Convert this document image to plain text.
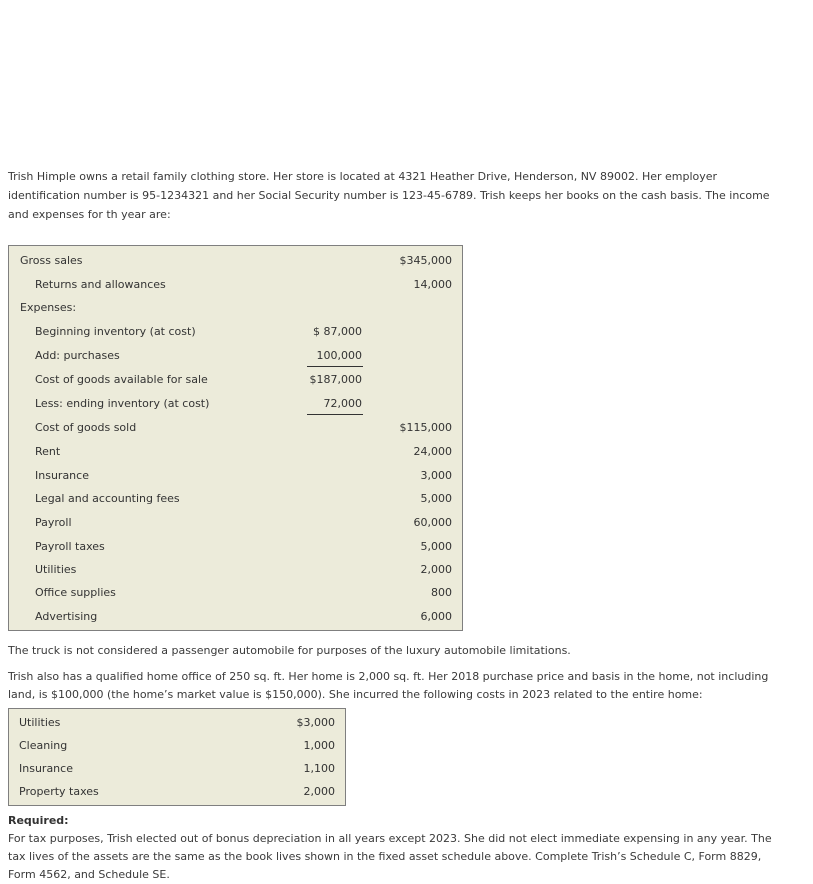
Trish Himple owns a retail family clothing store. Her store is located at 4321 Heather Drive, Henderson, NV 89002. Her employer identification number is 95-1234321 and her Social Security number is 123-45-6789. Trish keeps her books on the cash basis. The income and expenses for th year are:

Gross sales	$345,000
Returns and allowances	14,000
Expenses:
Beginning inventory (at cost)	$ 87,000
Add: purchases	100,000
Cost of goods available for sale	$187,000
Less: ending inventory (at cost)	72,000
Cost of goods sold	$115,000
Rent	24,000
Insurance	3,000
Legal and accounting fees	5,000
Payroll	60,000
Payroll taxes	5,000
Utilities	2,000
Office supplies	800
Advertising	6,000

The truck is not considered a passenger automobile for purposes of the luxury automobile limitations.

Trish also has a qualified home office of 250 sq. ft. Her home is 2,000 sq. ft. Her 2018 purchase price and basis in the home, not including land, is $100,000 (the home’s market value is $150,000). She incurred the following costs in 2023 related to the entire home:

Utilities	$3,000
Cleaning	1,000
Insurance	1,100
Property taxes	2,000
Required:
For tax purposes, Trish elected out of bonus depreciation in all years except 2023. She did not elect immediate expensing in any year. The tax lives of the assets are the same as the book lives shown in the fixed asset schedule above. Complete Trish’s Schedule C, Form 8829, Form 4562, and Schedule SE.
